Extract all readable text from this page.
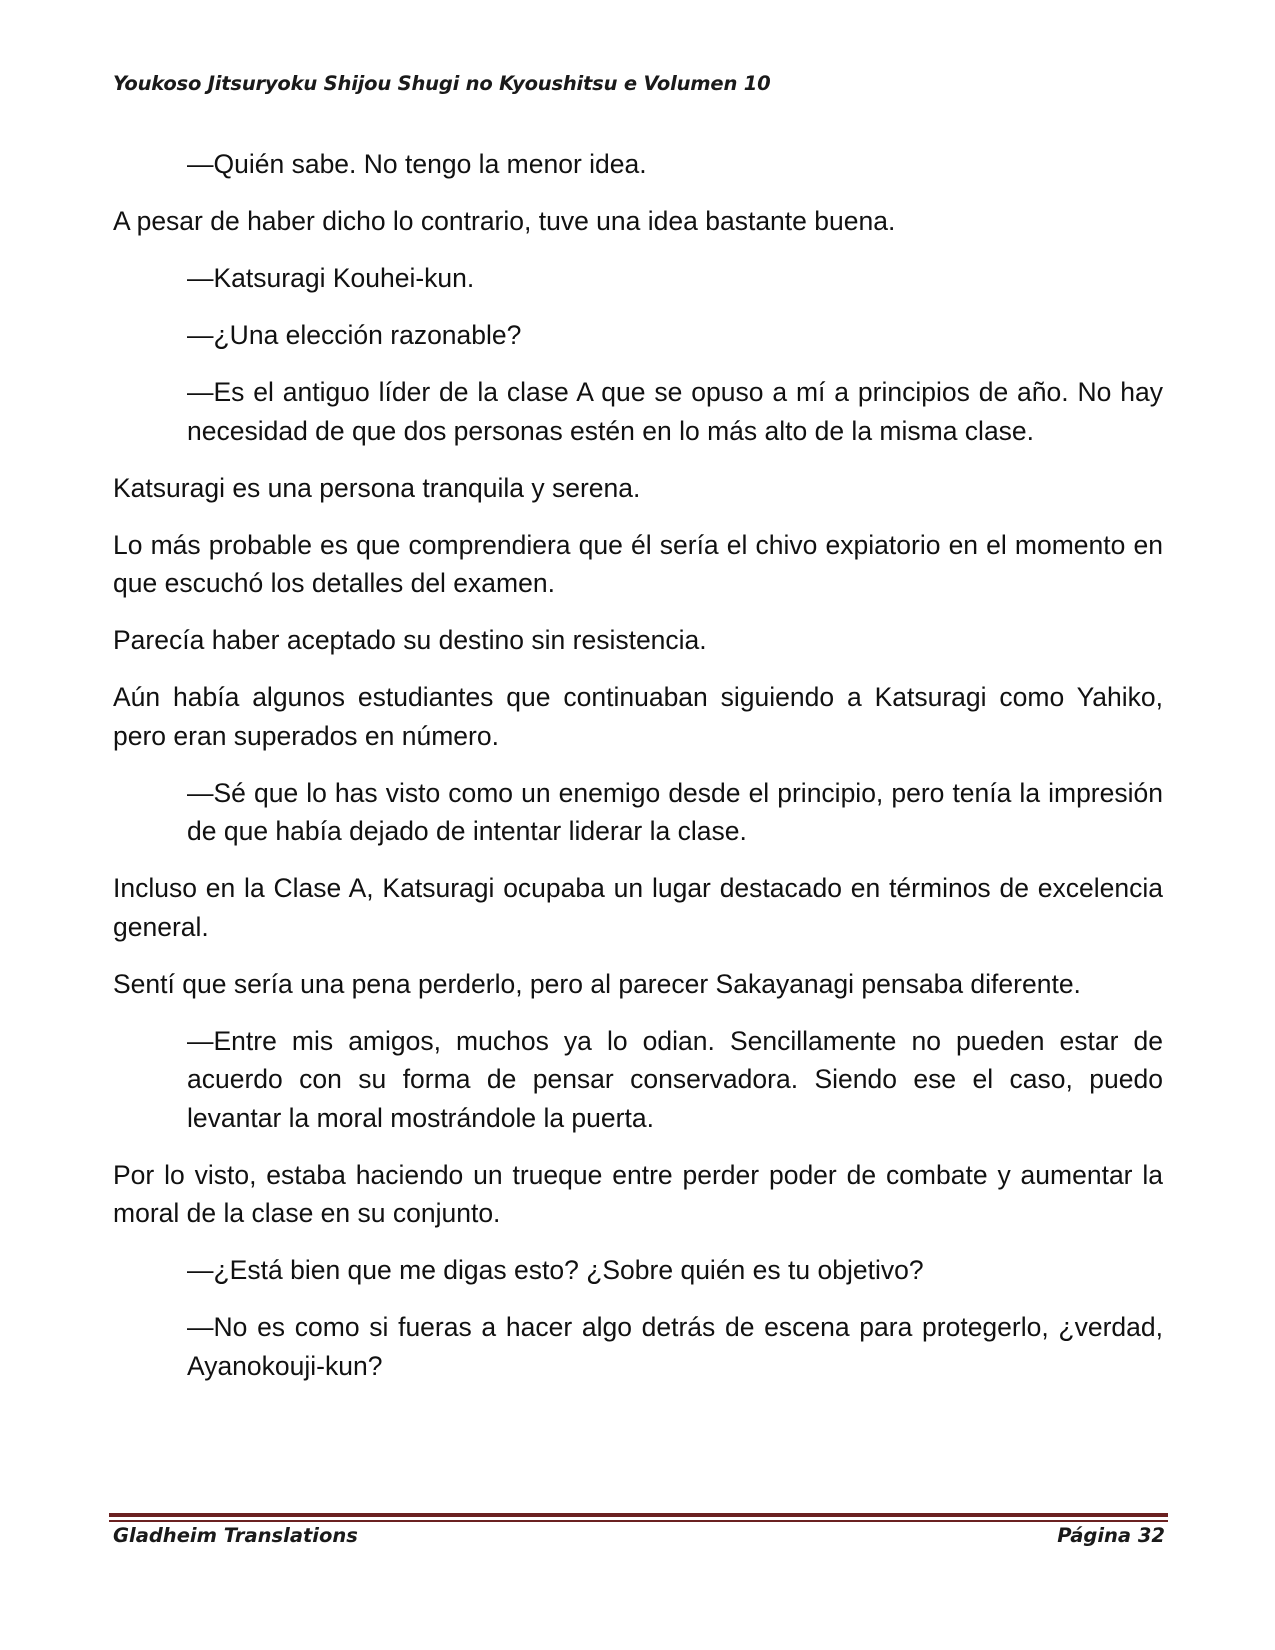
Youkoso Jitsuryoku Shijou Shugi no Kyoushitsu e Volumen 10

—Quién sabe. No tengo la menor idea.

A pesar de haber dicho lo contrario, tuve una idea bastante buena.

—Katsuragi Kouhei-kun.

—¿Una elección razonable?

—Es el antiguo líder de la clase A que se opuso a mí a principios de año. No hay necesidad de que dos personas estén en lo más alto de la misma clase.

Katsuragi es una persona tranquila y serena.

Lo más probable es que comprendiera que él sería el chivo expiatorio en el momento en que escuchó los detalles del examen.

Parecía haber aceptado su destino sin resistencia.

Aún había algunos estudiantes que continuaban siguiendo a Katsuragi como Yahiko, pero eran superados en número.

—Sé que lo has visto como un enemigo desde el principio, pero tenía la impresión de que había dejado de intentar liderar la clase.

Incluso en la Clase A, Katsuragi ocupaba un lugar destacado en términos de excelencia general.

Sentí que sería una pena perderlo, pero al parecer Sakayanagi pensaba diferente.

—Entre mis amigos, muchos ya lo odian. Sencillamente no pueden estar de acuerdo con su forma de pensar conservadora. Siendo ese el caso, puedo levantar la moral mostrándole la puerta.

Por lo visto, estaba haciendo un trueque entre perder poder de combate y aumentar la moral de la clase en su conjunto.

—¿Está bien que me digas esto? ¿Sobre quién es tu objetivo?

—No es como si fueras a hacer algo detrás de escena para protegerlo, ¿verdad, Ayanokouji-kun?

Gladheim Translations	Página 32
